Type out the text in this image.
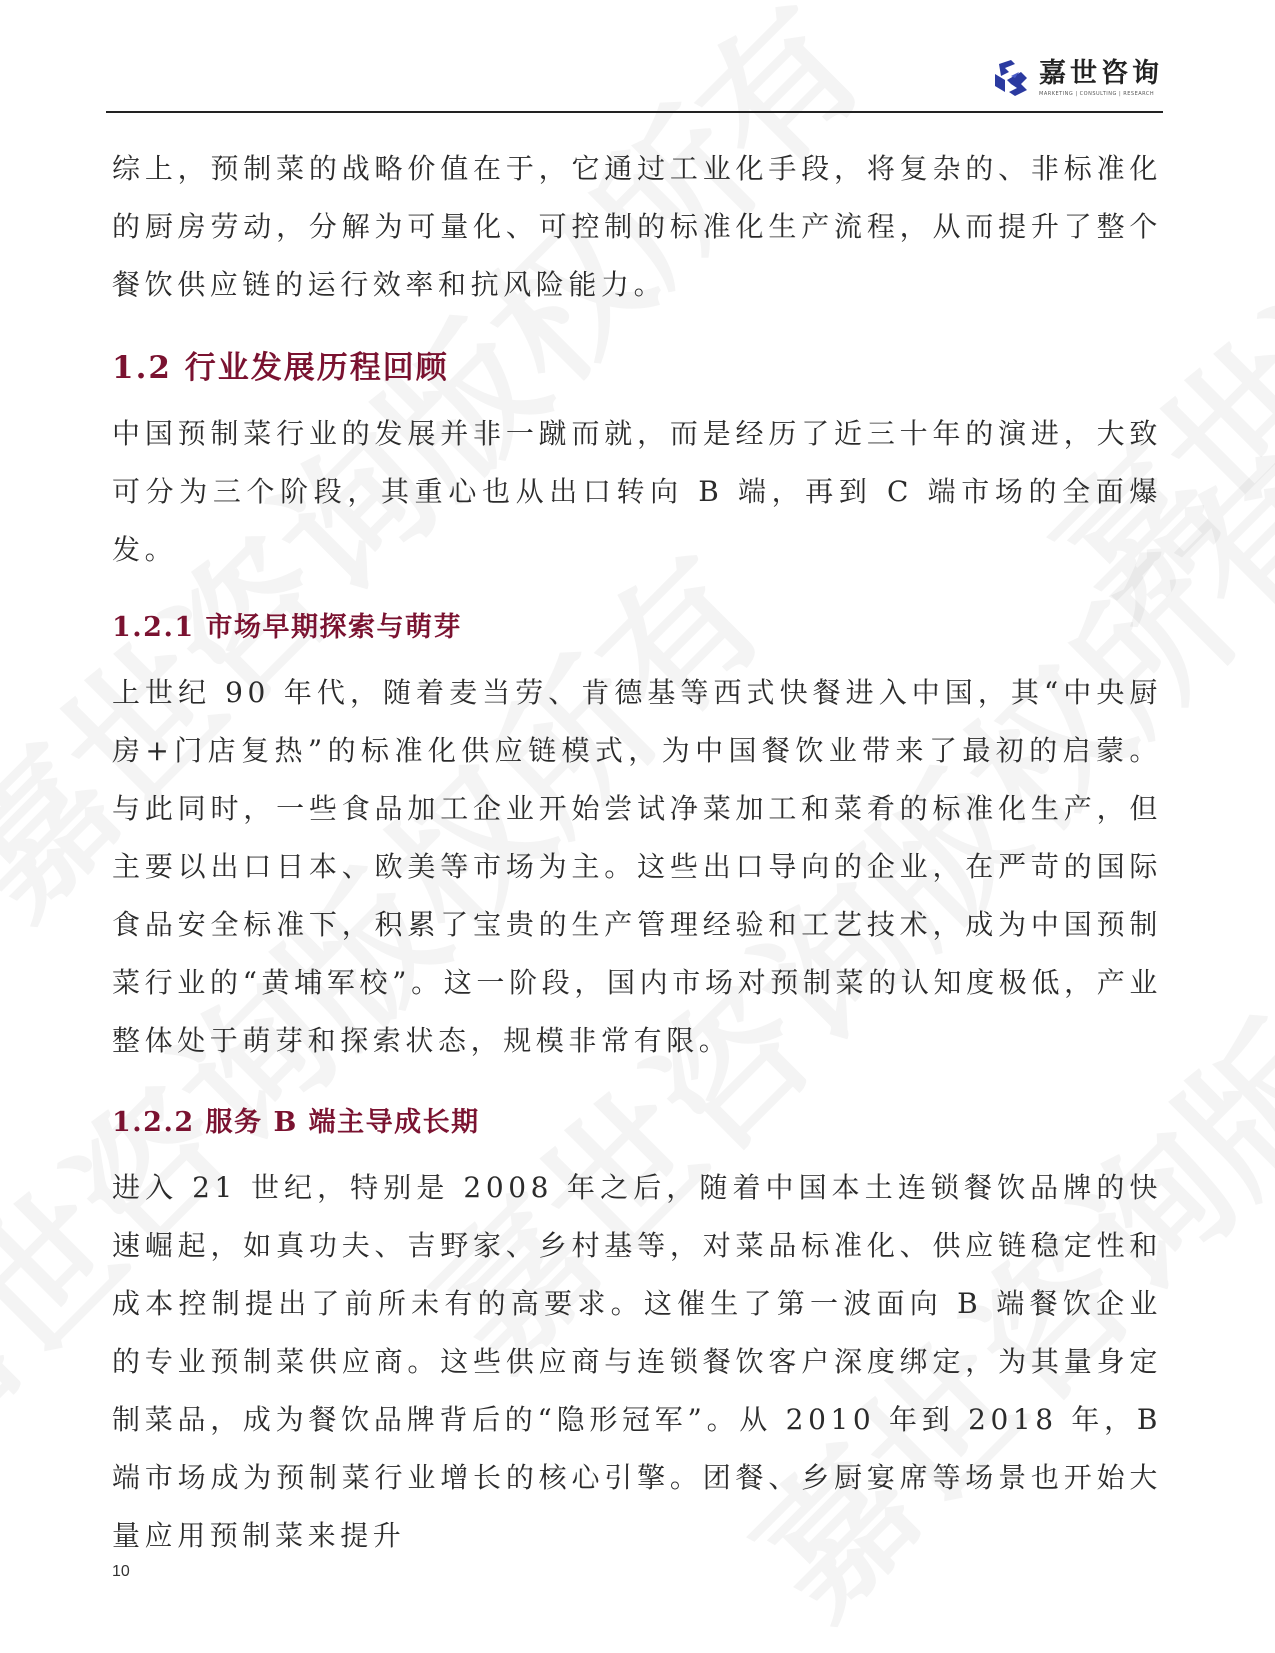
嘉世咨询
MARKETING | CONSULTING | RESEARCH

综上，预制菜的战略价值在于，它通过工业化手段，将复杂的、非标准化的厨房劳动，分解为可量化、可控制的标准化生产流程，从而提升了整个餐饮供应链的运行效率和抗风险能力。

1.2 行业发展历程回顾

中国预制菜行业的发展并非一蹴而就，而是经历了近三十年的演进，大致可分为三个阶段，其重心也从出口转向 B 端，再到 C 端市场的全面爆发。

1.2.1 市场早期探索与萌芽

上世纪 90 年代，随着麦当劳、肯德基等西式快餐进入中国，其“中央厨房+门店复热”的标准化供应链模式，为中国餐饮业带来了最初的启蒙。与此同时，一些食品加工企业开始尝试净菜加工和菜肴的标准化生产，但主要以出口日本、欧美等市场为主。这些出口导向的企业，在严苛的国际食品安全标准下，积累了宝贵的生产管理经验和工艺技术，成为中国预制菜行业的“黄埔军校”。这一阶段，国内市场对预制菜的认知度极低，产业整体处于萌芽和探索状态，规模非常有限。

1.2.2 服务 B 端主导成长期

进入 21 世纪，特别是 2008 年之后，随着中国本土连锁餐饮品牌的快速崛起，如真功夫、吉野家、乡村基等，对菜品标准化、供应链稳定性和成本控制提出了前所未有的高要求。这催生了第一波面向 B 端餐饮企业的专业预制菜供应商。这些供应商与连锁餐饮客户深度绑定，为其量身定制菜品，成为餐饮品牌背后的“隐形冠军”。从 2010 年到 2018 年，B 端市场成为预制菜行业增长的核心引擎。团餐、乡厨宴席等场景也开始大量应用预制菜来提升

10
